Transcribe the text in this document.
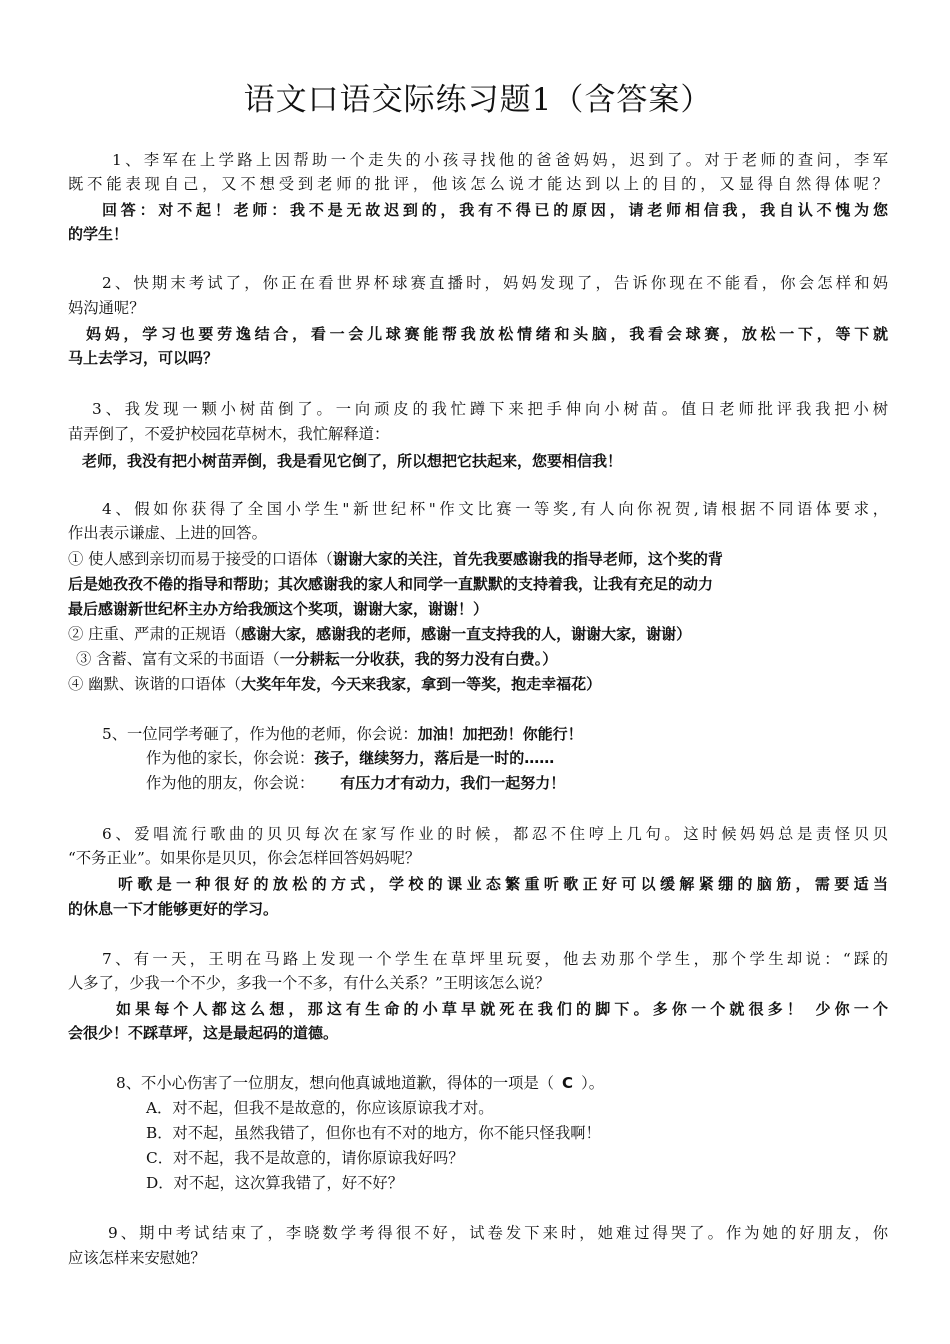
语文口语交际练习题1（含答案）
1、李军在上学路上因帮助一个走失的小孩寻找他的爸爸妈妈，迟到了。对于老师的查问，李军
既不能表现自己，又不想受到老师的批评，他该怎么说才能达到以上的目的，又显得自然得体呢？
回答：对不起！老师：我不是无故迟到的，我有不得已的原因，请老师相信我，我自认不愧为您
的学生！
2、快期末考试了，你正在看世界杯球赛直播时，妈妈发现了，告诉你现在不能看，你会怎样和妈
妈沟通呢？
妈妈，学习也要劳逸结合，看一会儿球赛能帮我放松情绪和头脑，我看会球赛，放松一下，等下就
马上去学习，可以吗？
3、我发现一颗小树苗倒了。一向顽皮的我忙蹲下来把手伸向小树苗。值日老师批评我我把小树
苗弄倒了，不爱护校园花草树木，我忙解释道：
老师，我没有把小树苗弄倒，我是看见它倒了，所以想把它扶起来，您要相信我！
4、假如你获得了全国小学生"新世纪杯"作文比赛一等奖,有人向你祝贺,请根据不同语体要求，
作出表示谦虚、上进的回答。
① 使人感到亲切而易于接受的口语体（谢谢大家的关注，首先我要感谢我的指导老师，这个奖的背
后是她孜孜不倦的指导和帮助；其次感谢我的家人和同学一直默默的支持着我，让我有充足的动力
最后感谢新世纪杯主办方给我颁这个奖项，谢谢大家，谢谢！）
② 庄重、严肃的正规语（感谢大家，感谢我的老师，感谢一直支持我的人，谢谢大家，谢谢）
③ 含蓄、富有文采的书面语（一分耕耘一分收获，我的努力没有白费。）
④ 幽默、诙谐的口语体（大奖年年发，今天来我家，拿到一等奖，抱走幸福花）
5、一位同学考砸了，作为他的老师，你会说：加油！加把劲！你能行！
作为他的家长，你会说：孩子，继续努力，落后是一时的……
作为他的朋友，你会说： 有压力才有动力，我们一起努力！
6、爱唱流行歌曲的贝贝每次在家写作业的时候，都忍不住哼上几句。这时候妈妈总是责怪贝贝
“不务正业”。如果你是贝贝，你会怎样回答妈妈呢？
听歌是一种很好的放松的方式，学校的课业态繁重听歌正好可以缓解紧绷的脑筋，需要适当
的休息一下才能够更好的学习。
7、有一天，王明在马路上发现一个学生在草坪里玩耍，他去劝那个学生，那个学生却说：“踩的
人多了，少我一个不少，多我一个不多，有什么关系？”王明该怎么说？
如果每个人都这么想，那这有生命的小草早就死在我们的脚下。多你一个就很多！ 少你一个
会很少！不踩草坪，这是最起码的道德。
8、不小心伤害了一位朋友，想向他真诚地道歉，得体的一项是（ C ）。
A．对不起，但我不是故意的，你应该原谅我才对。
B．对不起，虽然我错了，但你也有不对的地方，你不能只怪我啊！
C．对不起，我不是故意的，请你原谅我好吗？
D．对不起，这次算我错了，好不好？
9、期中考试结束了，李晓数学考得很不好，试卷发下来时，她难过得哭了。作为她的好朋友，你
应该怎样来安慰她？
